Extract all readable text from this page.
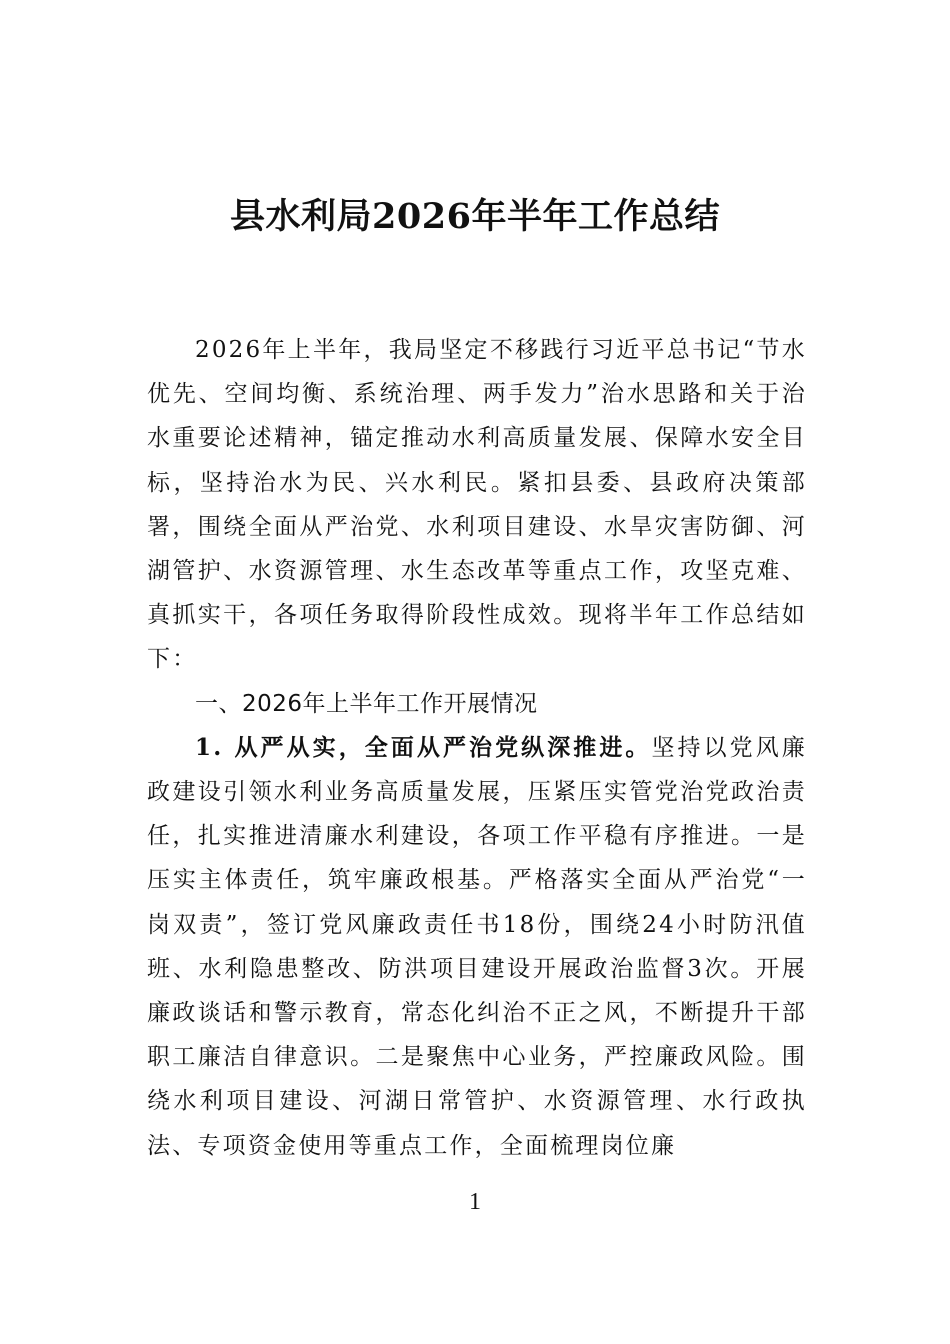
县水利局2026年半年工作总结

2026年上半年，我局坚定不移践行习近平总书记“节水优先、空间均衡、系统治理、两手发力”治水思路和关于治水重要论述精神，锚定推动水利高质量发展、保障水安全目标，坚持治水为民、兴水利民。紧扣县委、县政府决策部署，围绕全面从严治党、水利项目建设、水旱灾害防御、河湖管护、水资源管理、水生态改革等重点工作，攻坚克难、真抓实干，各项任务取得阶段性成效。现将半年工作总结如下：

一、2026年上半年工作开展情况

1. 从严从实，全面从严治党纵深推进。坚持以党风廉政建设引领水利业务高质量发展，压紧压实管党治党政治责任，扎实推进清廉水利建设，各项工作平稳有序推进。一是压实主体责任，筑牢廉政根基。严格落实全面从严治党“一岗双责”，签订党风廉政责任书18份，围绕24小时防汛值班、水利隐患整改、防洪项目建设开展政治监督3次。开展廉政谈话和警示教育，常态化纠治不正之风，不断提升干部职工廉洁自律意识。二是聚焦中心业务，严控廉政风险。围绕水利项目建设、河湖日常管护、水资源管理、水行政执法、专项资金使用等重点工作，全面梳理岗位廉

1
